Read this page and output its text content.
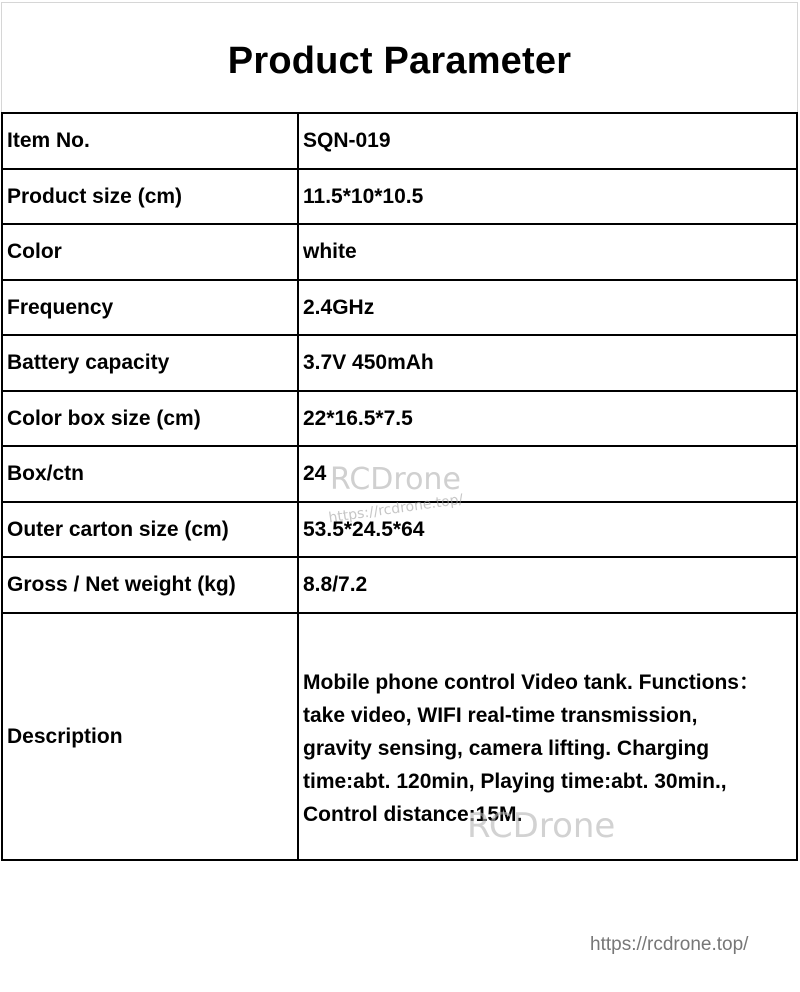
Product Parameter
Item No.	SQN-019
Product size (cm)	11.5*10*10.5
Color	white
Frequency	2.4GHz
Battery capacity	3.7V 450mAh
Color box size (cm)	22*16.5*7.5
Box/ctn	24
Outer carton size (cm)	53.5*24.5*64
Gross / Net weight (kg)	8.8/7.2
Description	Mobile phone control Video tank. Functions：
take video, WIFI real-time transmission,
gravity sensing, camera lifting. Charging
time:abt. 120min, Playing time:abt. 30min.,
Control distance:15M.
RCDrone
https://rcdrone.top/
RCDrone
https://rcdrone.top/
